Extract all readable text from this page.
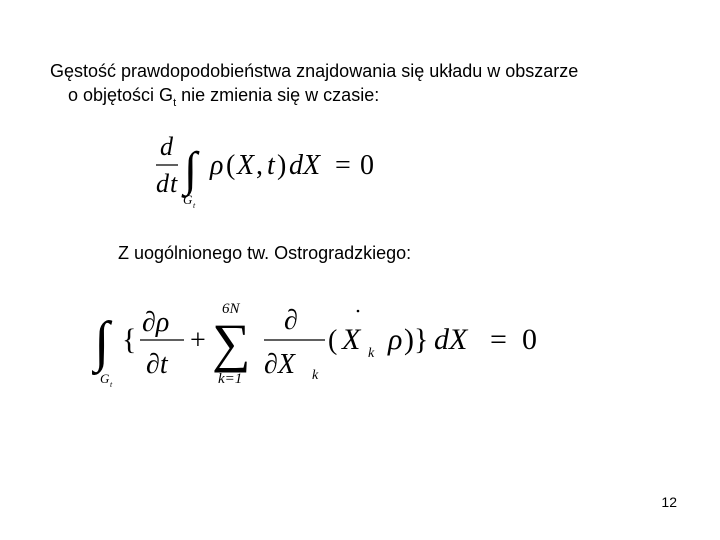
Gęstość prawdopodobieństwa znajdowania się układu w obszarze
o objętości $G_t$ nie zmienia się w czasie:
d
d t ∫
G t
ρ ( X , t ) dX = 0
Z uogólnionego tw. Ostrogradzkiego:
∫
G t
{
∂ρ
∂t
+
6N
∑
k=1
∂
∂X k
( X k ρ )} dX = 0
12
